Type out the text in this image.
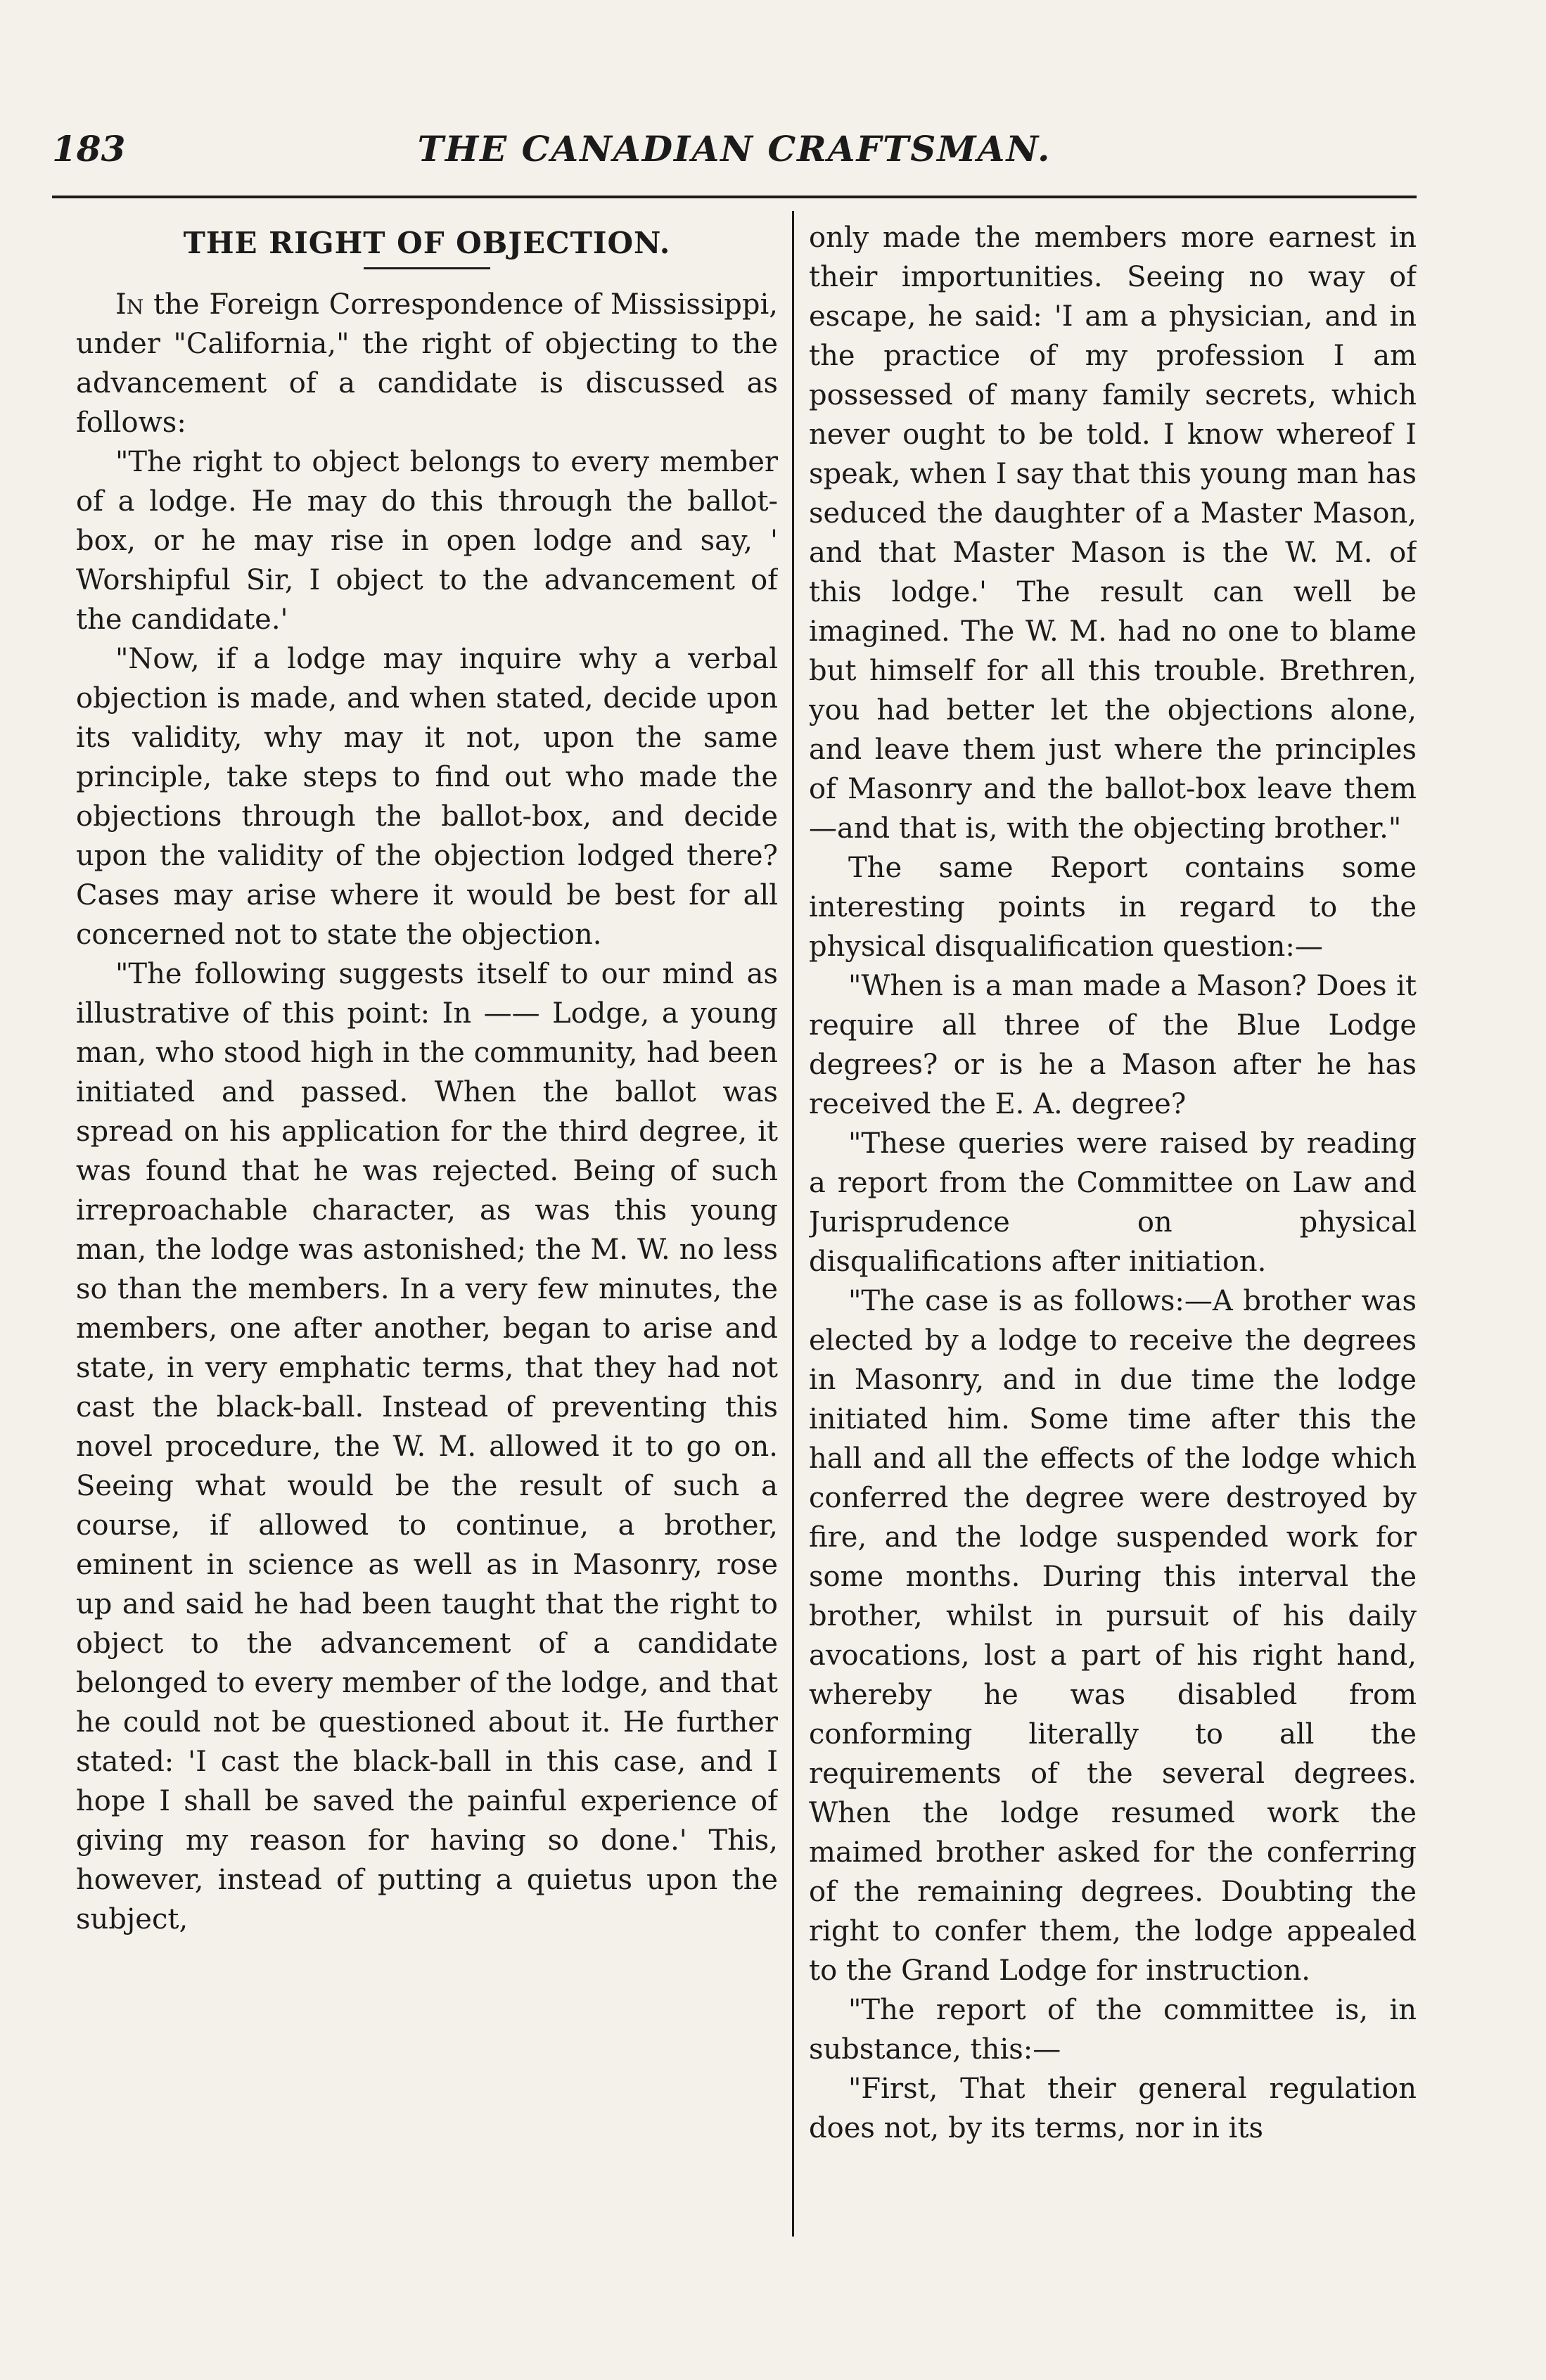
183	THE CANADIAN CRAFTSMAN.
THE RIGHT OF OBJECTION.

In the Foreign Correspondence of Mississippi, under "California," the right of objecting to the advancement of a candidate is discussed as follows:

"The right to object belongs to every member of a lodge. He may do this through the ballot-box, or he may rise in open lodge and say, ' Worshipful Sir, I object to the advancement of the candidate.'

"Now, if a lodge may inquire why a verbal objection is made, and when stated, decide upon its validity, why may it not, upon the same principle, take steps to find out who made the objections through the ballot-box, and decide upon the validity of the objection lodged there? Cases may arise where it would be best for all concerned not to state the objection.

"The following suggests itself to our mind as illustrative of this point: In —— Lodge, a young man, who stood high in the community, had been initiated and passed. When the ballot was spread on his application for the third degree, it was found that he was rejected. Being of such irreproachable character, as was this young man, the lodge was astonished; the M. W. no less so than the members. In a very few minutes, the members, one after another, began to arise and state, in very emphatic terms, that they had not cast the black-ball. Instead of preventing this novel procedure, the W. M. allowed it to go on. Seeing what would be the result of such a course, if allowed to continue, a brother, eminent in science as well as in Masonry, rose up and said he had been taught that the right to object to the advancement of a candidate belonged to every member of the lodge, and that he could not be questioned about it. He further stated: 'I cast the black-ball in this case, and I hope I shall be saved the painful experience of giving my reason for having so done.' This, however, instead of putting a quietus upon the subject,

only made the members more earnest in their importunities. Seeing no way of escape, he said: 'I am a physician, and in the practice of my profession I am possessed of many family secrets, which never ought to be told. I know whereof I speak, when I say that this young man has seduced the daughter of a Master Mason, and that Master Mason is the W. M. of this lodge.' The result can well be imagined. The W. M. had no one to blame but himself for all this trouble. Brethren, you had better let the objections alone, and leave them just where the principles of Masonry and the ballot-box leave them —and that is, with the objecting brother."

The same Report contains some interesting points in regard to the physical disqualification question:—

"When is a man made a Mason? Does it require all three of the Blue Lodge degrees? or is he a Mason after he has received the E. A. degree?

"These queries were raised by reading a report from the Committee on Law and Jurisprudence on physical disqualifications after initiation.

"The case is as follows:—A brother was elected by a lodge to receive the degrees in Masonry, and in due time the lodge initiated him. Some time after this the hall and all the effects of the lodge which conferred the degree were destroyed by fire, and the lodge suspended work for some months. During this interval the brother, whilst in pursuit of his daily avocations, lost a part of his right hand, whereby he was disabled from conforming literally to all the requirements of the several degrees. When the lodge resumed work the maimed brother asked for the conferring of the remaining degrees. Doubting the right to confer them, the lodge appealed to the Grand Lodge for instruction.

"The report of the committee is, in substance, this:—

"First, That their general regulation does not, by its terms, nor in its
